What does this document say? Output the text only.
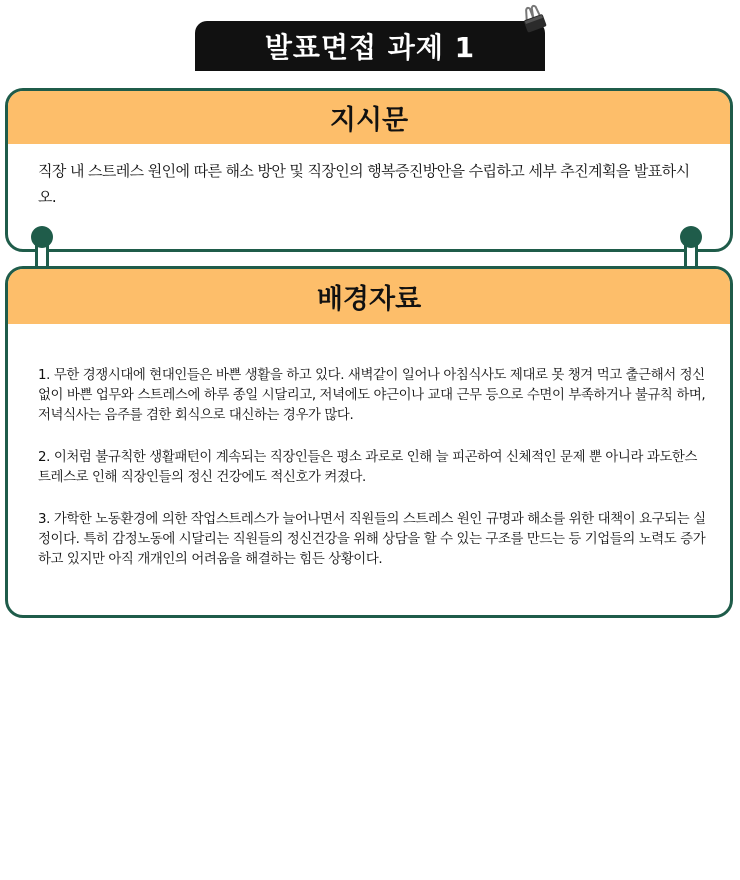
발표면접 과제 1
지시문

직장 내 스트레스 원인에 따른 해소 방안 및 직장인의 행복증진방안을 수립하고 세부 추진계획을 발표하시오.

배경자료

1. 무한 경쟁시대에 현대인들은 바쁜 생활을 하고 있다. 새벽같이 일어나 아침식사도 제대로 못 챙겨 먹고 출근해서 정신 없이 바쁜 업무와 스트레스에 하루 종일 시달리고, 저녁에도 야근이나 교대 근무 등으로 수면이 부족하거나 불규칙 하며, 저녁식사는 음주를 겸한 회식으로 대신하는 경우가 많다.

2. 이처럼 불규칙한 생활패턴이 계속되는 직장인들은 평소 과로로 인해 늘 피곤하여 신체적인 문제 뿐 아니라 과도한스트레스로 인해 직장인들의 정신 건강에도 적신호가 켜졌다.

3. 가학한 노동환경에 의한 작업스트레스가 늘어나면서 직원들의 스트레스 원인 규명과 해소를 위한 대책이 요구되는 실정이다. 특히 감정노동에 시달리는 직원들의 정신건강을 위해 상담을 할 수 있는 구조를 만드는 등 기업들의 노력도 증가하고 있지만 아직 개개인의 어려움을 해결하는 힘든 상황이다.
